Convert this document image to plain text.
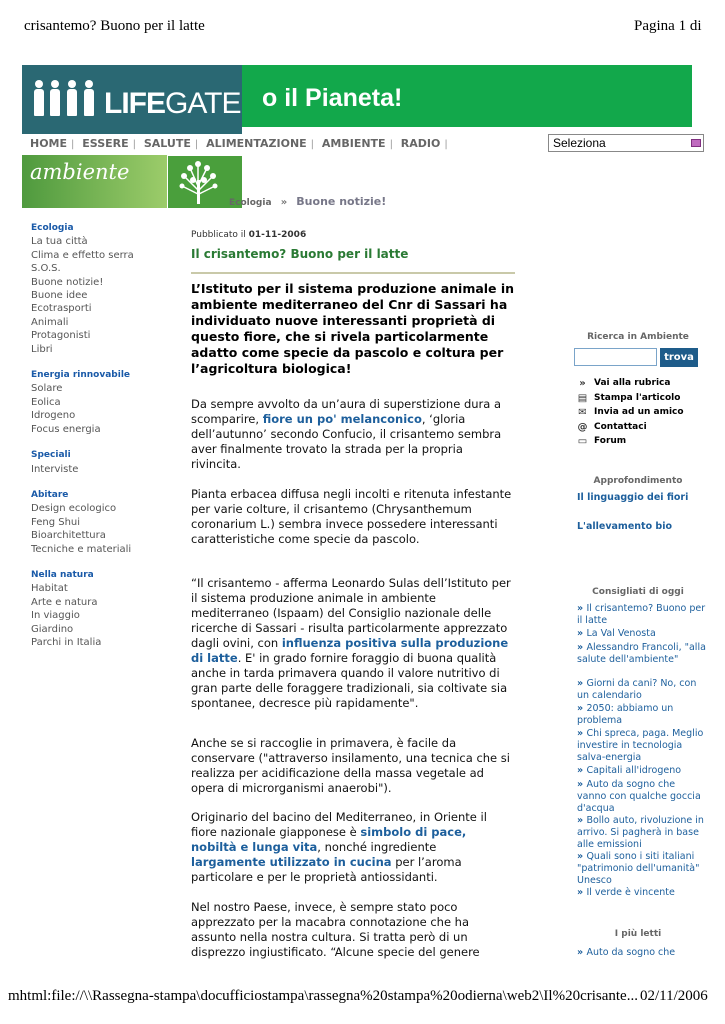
crisantemo? Buono per il latte	Pagina 1 di
o il Pianeta!
LIFEGATE
HOME | ESSERE | SALUTE | ALIMENTAZIONE | AMBIENTE | RADIO |	Seleziona
ambiente
Ecologia » Buone notizie!
Ecologia
La tua città
Clima e effetto serra
S.O.S.
Buone notizie!
Buone idee
Ecotrasporti
Animali
Protagonisti
Libri
Energia rinnovabile
Solare
Eolica
Idrogeno
Focus energia
Speciali
Interviste
Abitare
Design ecologico
Feng Shui
Bioarchitettura
Tecniche e materiali
Nella natura
Habitat
Arte e natura
In viaggio
Giardino
Parchi in Italia
Pubblicato il 01-11-2006
Il crisantemo? Buono per il latte
L’Istituto per il sistema produzione animale in ambiente mediterraneo del Cnr di Sassari ha individuato nuove interessanti proprietà di questo fiore, che si rivela particolarmente adatto come specie da pascolo e coltura per l’agricoltura biologica!
Da sempre avvolto da un’aura di superstizione dura a scomparire, fiore un po' melanconico, ‘gloria dell’autunno’ secondo Confucio, il crisantemo sembra aver finalmente trovato la strada per la propria rivincita.
Pianta erbacea diffusa negli incolti e ritenuta infestante per varie colture, il crisantemo (Chrysanthemum coronarium L.) sembra invece possedere interessanti caratteristiche come specie da pascolo.
“Il crisantemo - afferma Leonardo Sulas dell’Istituto per il sistema produzione animale in ambiente mediterraneo (Ispaam) del Consiglio nazionale delle ricerche di Sassari - risulta particolarmente apprezzato dagli ovini, con influenza positiva sulla produzione di latte. E' in grado fornire foraggio di buona qualità anche in tarda primavera quando il valore nutritivo di gran parte delle foraggere tradizionali, sia coltivate sia spontanee, decresce più rapidamente".
Anche se si raccoglie in primavera, è facile da conservare ("attraverso insilamento, una tecnica che si realizza per acidificazione della massa vegetale ad opera di microrganismi anaerobi").
Originario del bacino del Mediterraneo, in Oriente il fiore nazionale giapponese è simbolo di pace, nobiltà e lunga vita, nonché ingrediente largamente utilizzato in cucina per l’aroma particolare e per le proprietà antiossidanti.
Nel nostro Paese, invece, è sempre stato poco apprezzato per la macabra connotazione che ha assunto nella nostra cultura. Si tratta però di un disprezzo ingiustificato. “Alcune specie del genere
Ricerca in Ambiente
trova
» Vai alla rubrica
▤ Stampa l'articolo
✉ Invia ad un amico
@ Contattaci
▭ Forum
Approfondimento
Il linguaggio dei fiori
L'allevamento bio
Consigliati di oggi
» Il crisantemo? Buono per il latte
» La Val Venosta
» Alessandro Francoli, "alla salute dell'ambiente"
» Giorni da cani? No, con un calendario
» 2050: abbiamo un problema
» Chi spreca, paga. Meglio investire in tecnologia salva-energia
» Capitali all'idrogeno
» Auto da sogno che vanno con qualche goccia d'acqua
» Bollo auto, rivoluzione in arrivo. Si pagherà in base alle emissioni
» Quali sono i siti italiani "patrimonio dell'umanità" Unesco
» Il verde è vincente
I più letti
» Auto da sogno che
mhtml:file://\\Rassegna-stampa\docufficiostampa\rassegna%20stampa%20odierna\web2\Il%20crisante... 02/11/2006
